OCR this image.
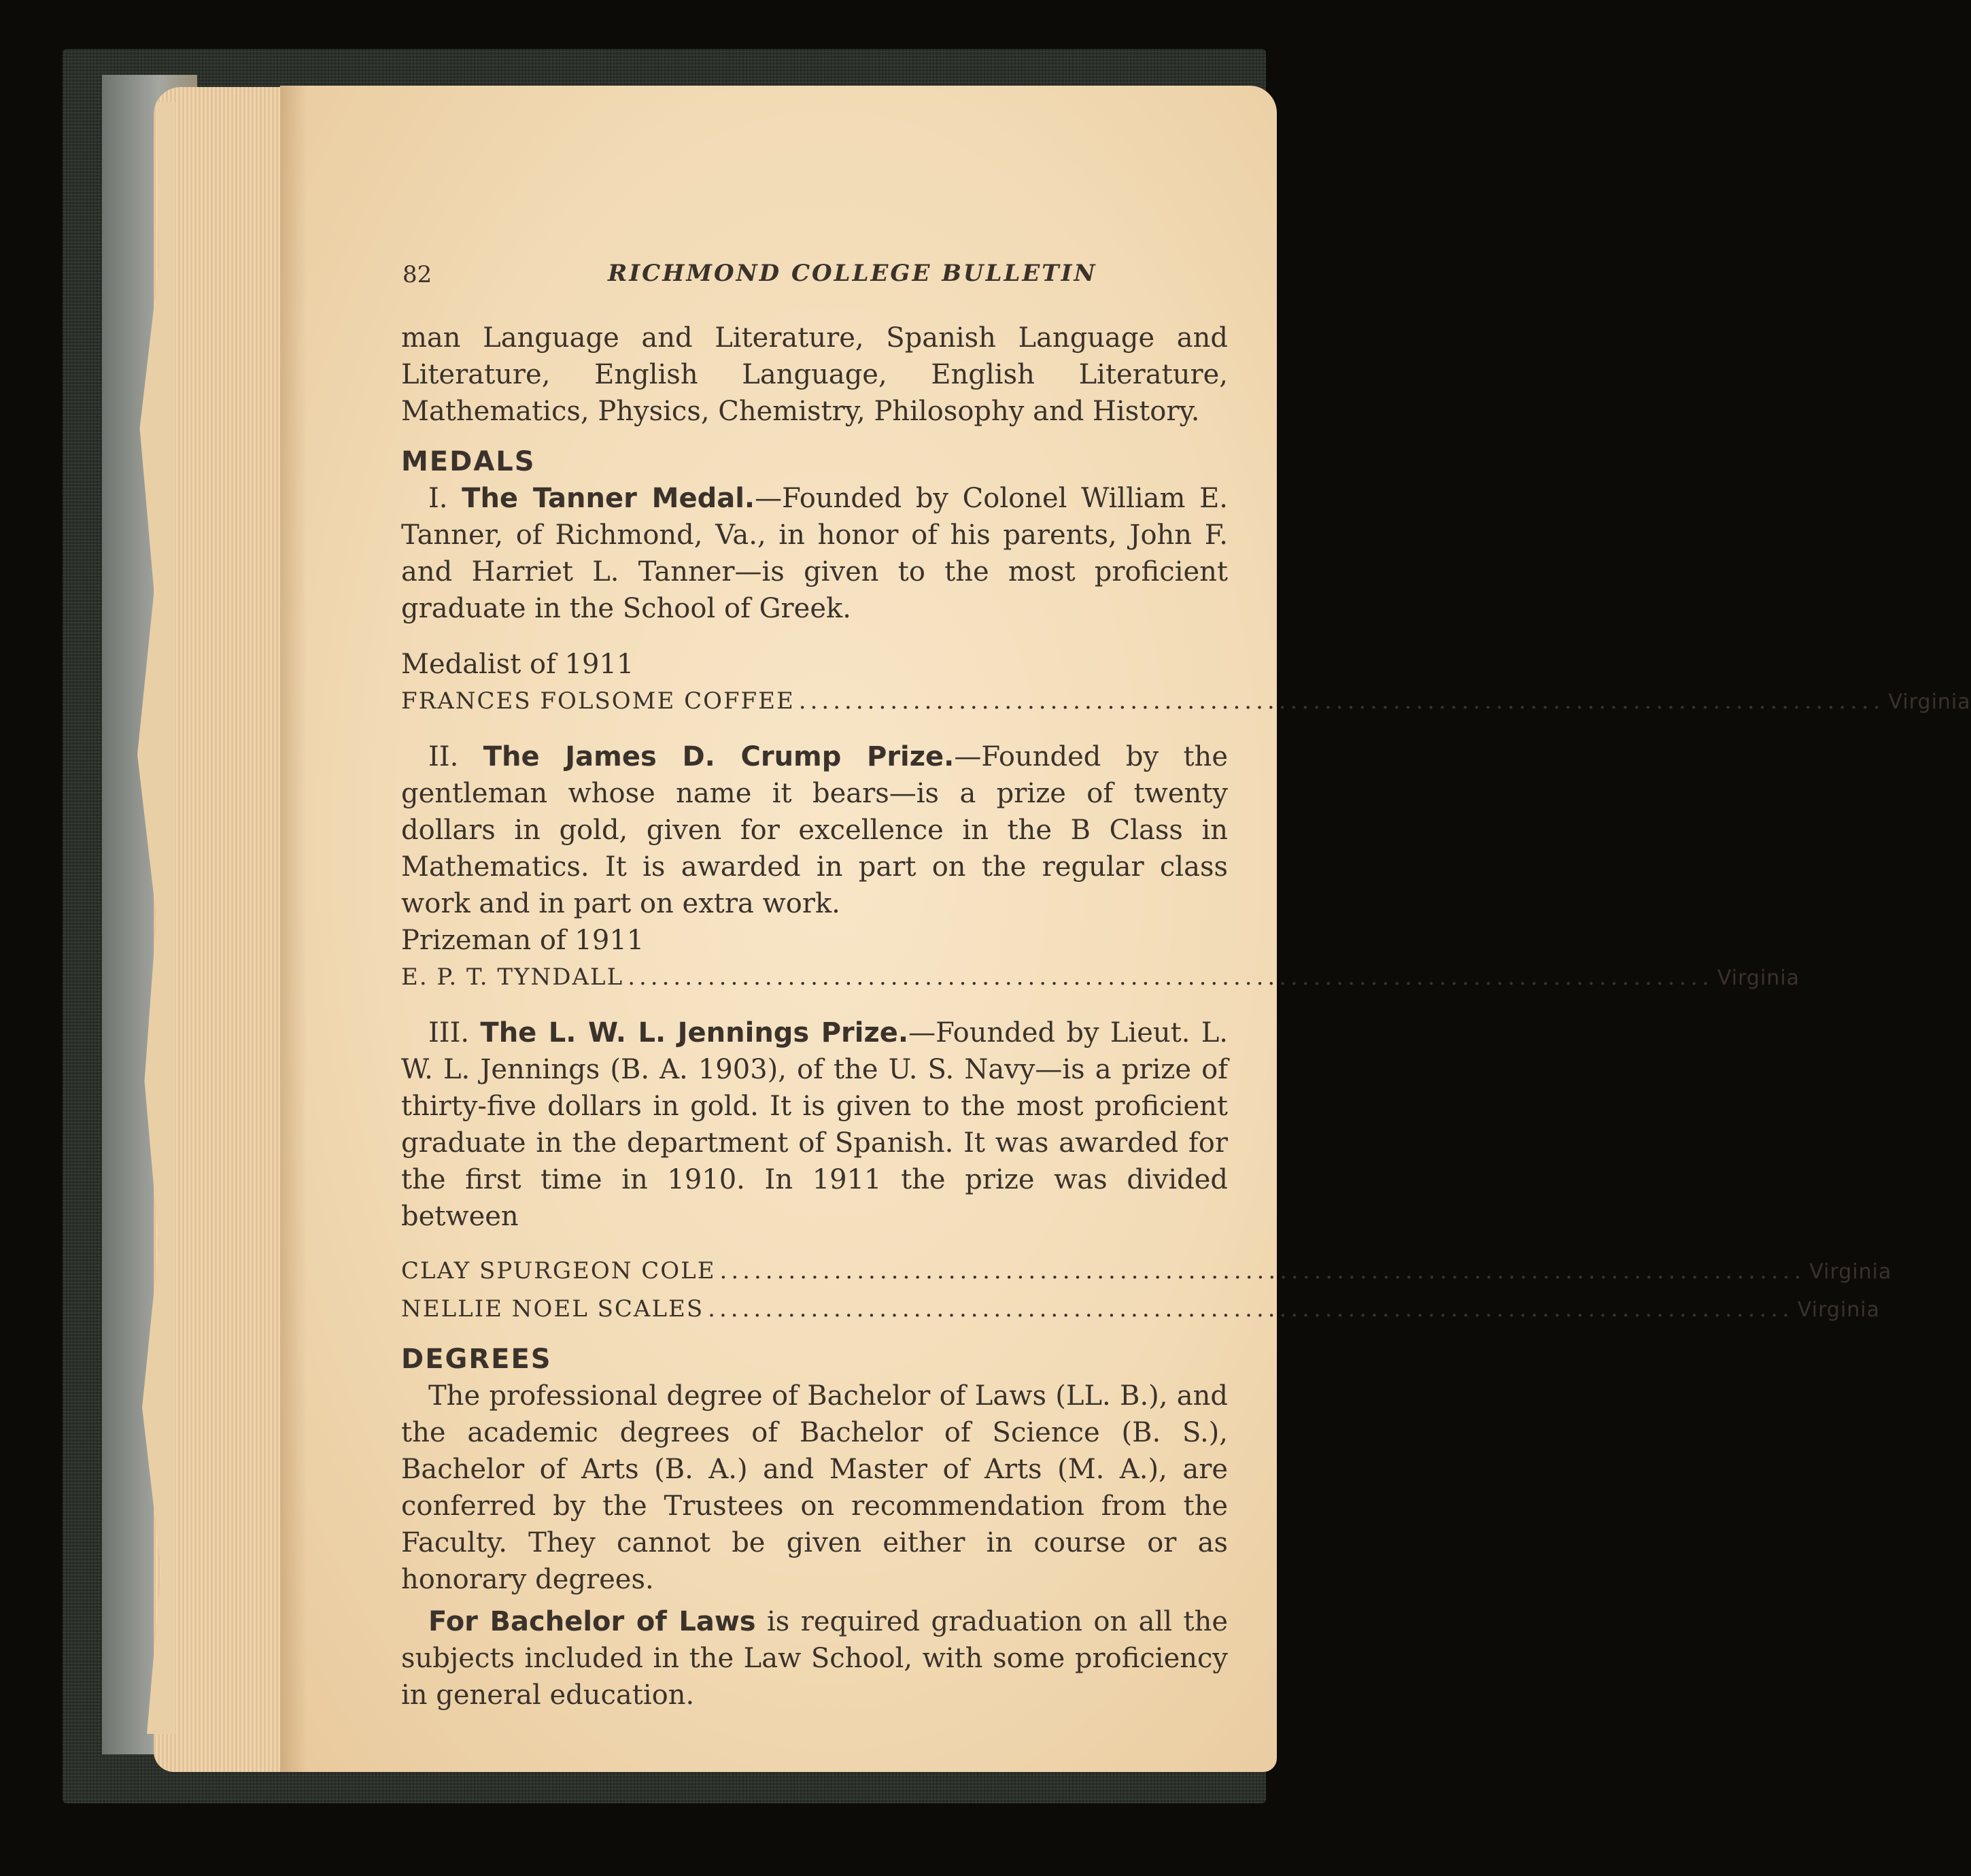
82	RICHMOND COLLEGE BULLETIN

man Language and Literature, Spanish Language and Literature, English Language, English Literature, Mathematics, Physics, Chemistry, Philosophy and History.

MEDALS

I. The Tanner Medal.—Founded by Colonel William E. Tanner, of Richmond, Va., in honor of his parents, John F. and Harriet L. Tanner—is given to the most proficient graduate in the School of Greek.

Medalist of 1911

FRANCES FOLSOME COFFEE ............................................................................................... Virginia

II. The James D. Crump Prize.—Founded by the gentleman whose name it bears—is a prize of twenty dollars in gold, given for excellence in the B Class in Mathematics. It is awarded in part on the regular class work and in part on extra work.

Prizeman of 1911

E. P. T. TYNDALL ............................................................................................... Virginia

III. The L. W. L. Jennings Prize.—Founded by Lieut. L. W. L. Jennings (B. A. 1903), of the U. S. Navy—is a prize of thirty-five dollars in gold. It is given to the most proficient graduate in the department of Spanish. It was awarded for the first time in 1910. In 1911 the prize was divided between

CLAY SPURGEON COLE ............................................................................................... Virginia
NELLIE NOEL SCALES ............................................................................................... Virginia

DEGREES

The professional degree of Bachelor of Laws (LL. B.), and the academic degrees of Bachelor of Science (B. S.), Bachelor of Arts (B. A.) and Master of Arts (M. A.), are conferred by the Trustees on recommendation from the Faculty. They cannot be given either in course or as honorary degrees.

For Bachelor of Laws is required graduation on all the subjects included in the Law School, with some proficiency in general education.
